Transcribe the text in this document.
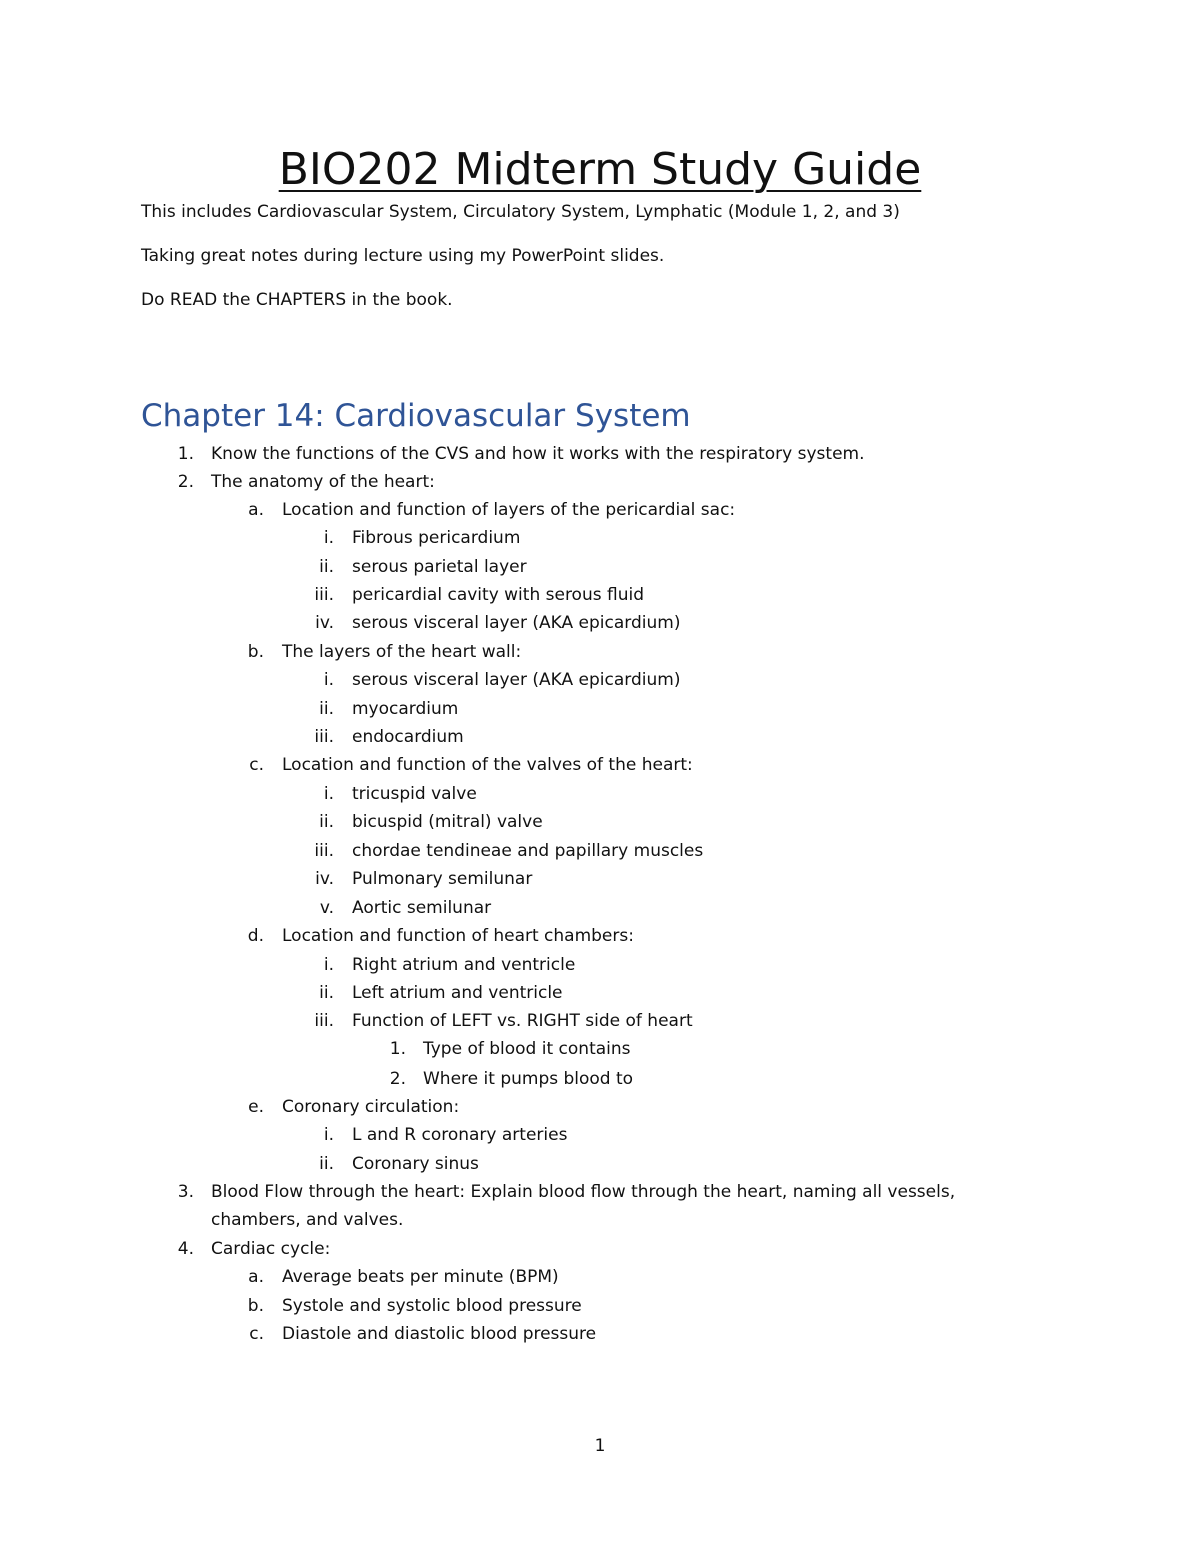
BIO202 Midterm Study Guide
This includes Cardiovascular System, Circulatory System, Lymphatic (Module 1, 2, and 3)
Taking great notes during lecture using my PowerPoint slides.
Do READ the CHAPTERS in the book.
Chapter 14: Cardiovascular System
1. Know the functions of the CVS and how it works with the respiratory system.
2. The anatomy of the heart:
a. Location and function of layers of the pericardial sac:
i. Fibrous pericardium
ii. serous parietal layer
iii. pericardial cavity with serous fluid
iv. serous visceral layer (AKA epicardium)
b. The layers of the heart wall:
i. serous visceral layer (AKA epicardium)
ii. myocardium
iii. endocardium
c. Location and function of the valves of the heart:
i. tricuspid valve
ii. bicuspid (mitral) valve
iii. chordae tendineae and papillary muscles
iv. Pulmonary semilunar
v. Aortic semilunar
d. Location and function of heart chambers:
i. Right atrium and ventricle
ii. Left atrium and ventricle
iii. Function of LEFT vs. RIGHT side of heart
1. Type of blood it contains
2. Where it pumps blood to
e. Coronary circulation:
i. L and R coronary arteries
ii. Coronary sinus
3. Blood Flow through the heart: Explain blood flow through the heart, naming all vessels,
chambers, and valves.
4. Cardiac cycle:
a. Average beats per minute (BPM)
b. Systole and systolic blood pressure
c. Diastole and diastolic blood pressure
1
